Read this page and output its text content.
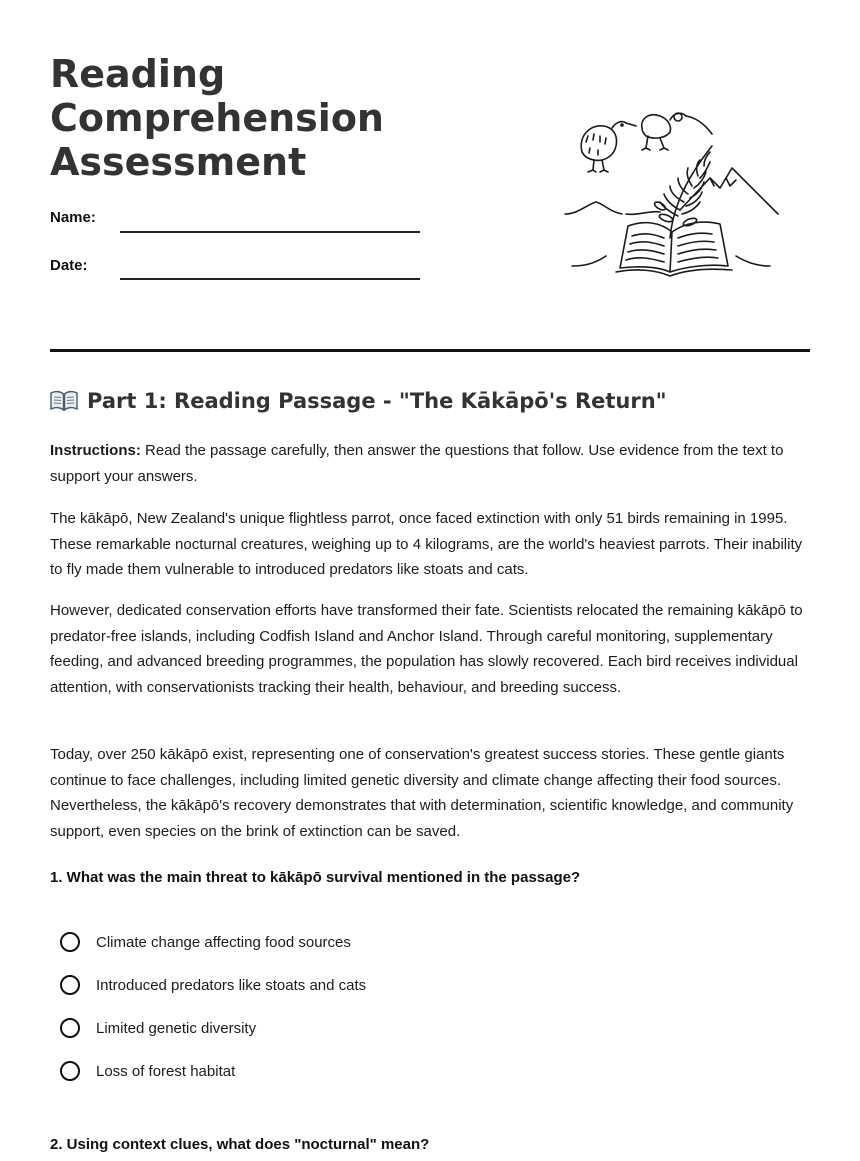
Reading Comprehension Assessment
Name:
Date:
Part 1: Reading Passage - "The Kākāpō's Return"

Instructions: Read the passage carefully, then answer the questions that follow. Use evidence from the text to support your answers.

The kākāpō, New Zealand's unique flightless parrot, once faced extinction with only 51 birds remaining in 1995. These remarkable nocturnal creatures, weighing up to 4 kilograms, are the world's heaviest parrots. Their inability to fly made them vulnerable to introduced predators like stoats and cats.

However, dedicated conservation efforts have transformed their fate. Scientists relocated the remaining kākāpō to predator-free islands, including Codfish Island and Anchor Island. Through careful monitoring, supplementary feeding, and advanced breeding programmes, the population has slowly recovered. Each bird receives individual attention, with conservationists tracking their health, behaviour, and breeding success.

Today, over 250 kākāpō exist, representing one of conservation's greatest success stories. These gentle giants continue to face challenges, including limited genetic diversity and climate change affecting their food sources. Nevertheless, the kākāpō's recovery demonstrates that with determination, scientific knowledge, and community support, even species on the brink of extinction can be saved.

1. What was the main threat to kākāpō survival mentioned in the passage?

Climate change affecting food sources
Introduced predators like stoats and cats
Limited genetic diversity
Loss of forest habitat

2. Using context clues, what does "nocturnal" mean?
